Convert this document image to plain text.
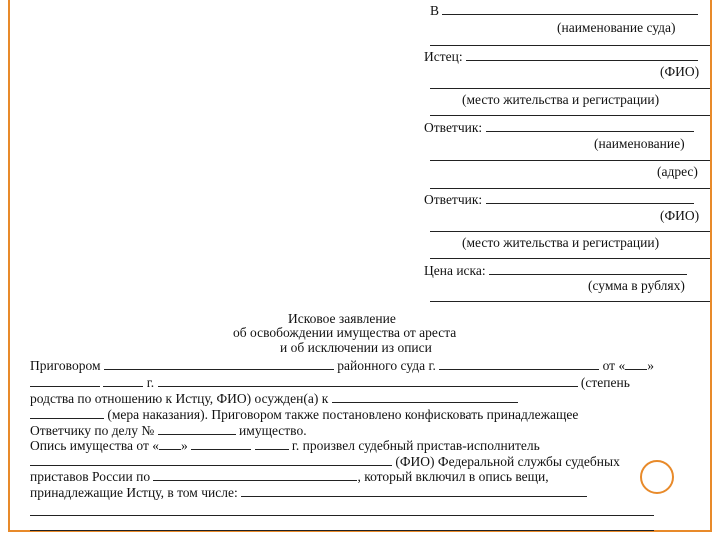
В
(наименование суда)
Истец:
(ФИО)
(место жительства и регистрации)
Ответчик:
(наименование)
(адрес)
Ответчик:
(ФИО)
(место жительства и регистрации)
Цена иска:
(сумма в рублях)
Исковое заявление
об освобождении имущества от ареста
и об исключении из описи
Приговором	районного суда г.	от « »
г.	(степень
родства по отношению к Истцу, ФИО) осужден(а) к
(мера наказания). Приговором также постановлено конфисковать принадлежащее
Ответчику по делу №	имущество.
Опись имущества от « »	г. произвел судебный пристав-исполнитель
(ФИО) Федеральной службы судебных
приставов России по	, который включил в опись вещи,
принадлежащие Истцу, в том числе:
